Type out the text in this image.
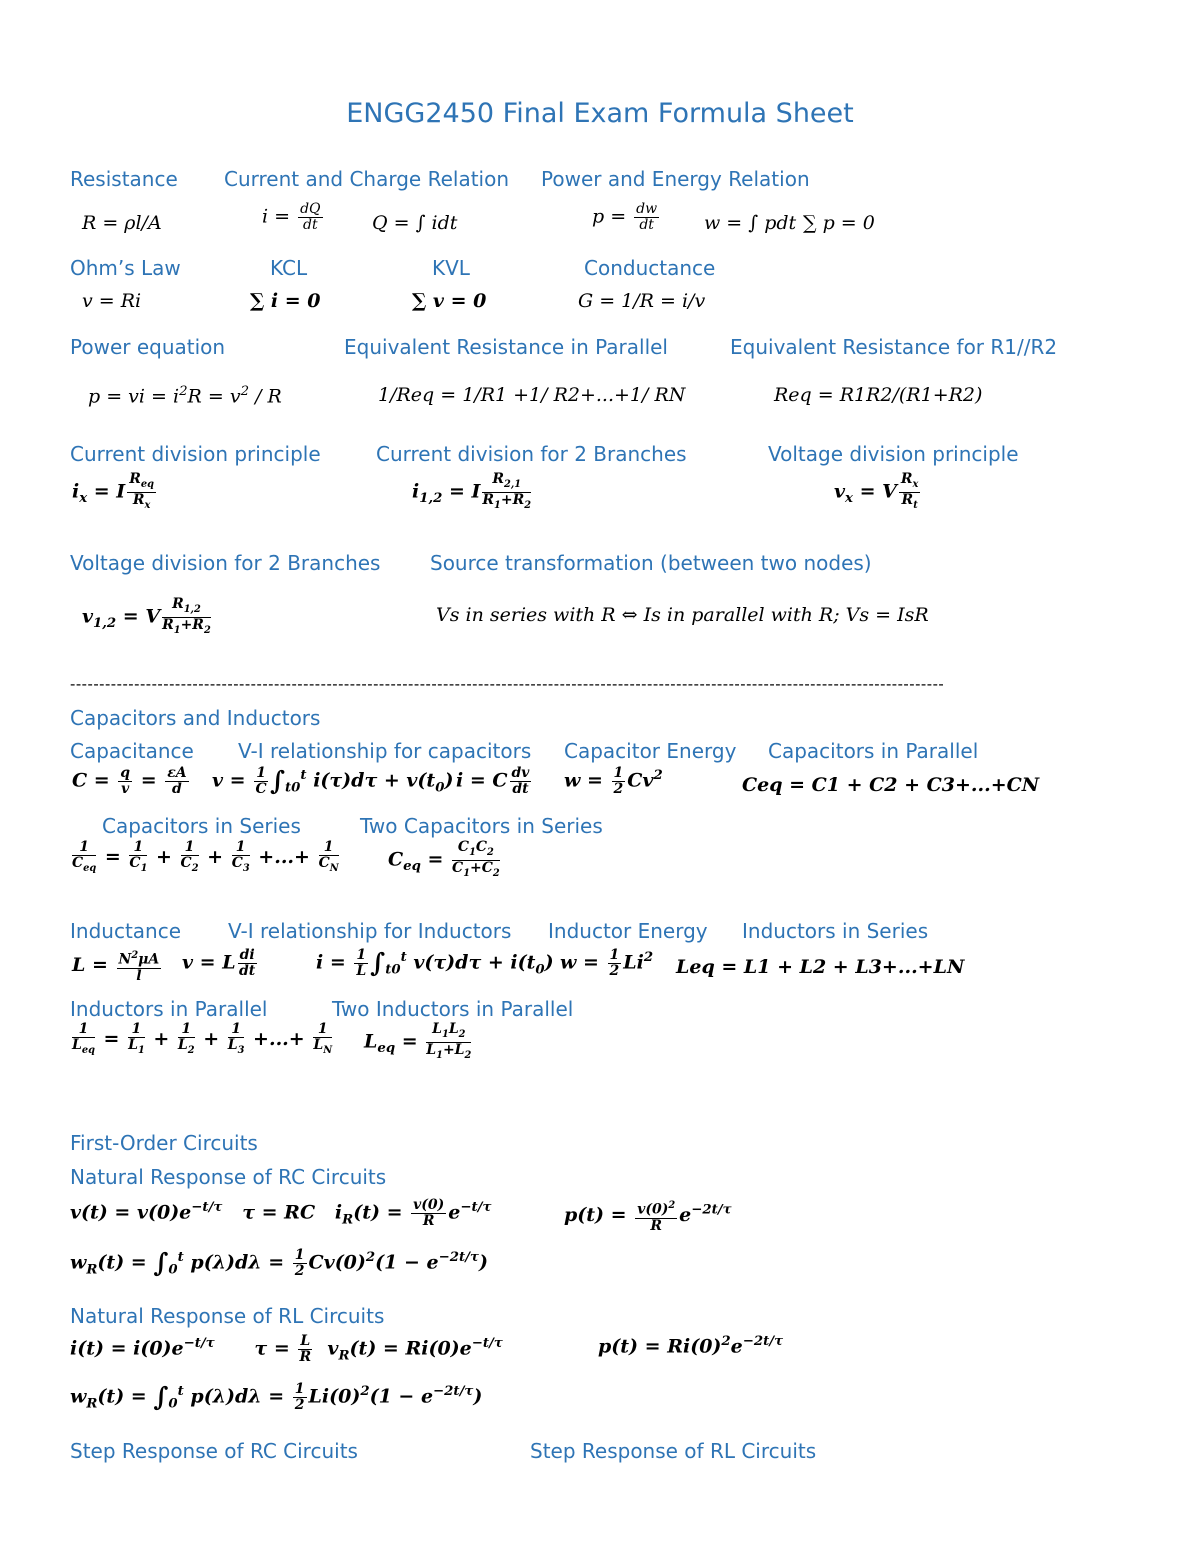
ENGG2450 Final Exam Formula Sheet
Resistance Current and Charge Relation Power and Energy Relation
R = ρl/A	$i = \frac{dQ}{dt}$	Q = ∫ idt	$p = \frac{dw}{dt}$ w = ∫ pdt ∑ p = 0
Ohm’s Law	KCL	KVL	Conductance
v = Ri	∑ i = 0	∑ v = 0	G = 1/R = i/v
Power equation	Equivalent Resistance in Parallel	Equivalent Resistance for R1//R2
p = vi = $i^2R = v^2 / R$	1/Req = 1/R1 +1/ R2+...+1/ RN	Req = R1R2/(R1+R2)
Current division principle	Current division for 2 Branches	Voltage division principle
$i_x = I$
$R_{eq}$
$R_x$
$i_{1,2} = I \frac{R_{2,1}}{R_1+R_2}$	$v_x = V \frac{R_x}{R_t}$
Voltage division for 2 Branches Source transformation (between two nodes)
$v_{1,2} = V \frac{R_{1,2}}{R_1+R_2}$	Vs in series with R ⇔ Is in parallel with R; Vs = IsR
------------------------------------------------------------------------------------------------------------------------------------------------------
Capacitors and Inductors
Capacitance V-I relationship for capacitors Capacitor Energy Capacitors in Parallel
$C = \frac{q}{v} = \frac{\varepsilon A}{d}$ $v = \frac{1}{C} \int_{t0}^t$ $i(\tau)d\tau + v(t_0) i = C \frac{dv}{dt}$ $w = \frac{1}{2} Cv^2$	Ceq = C1 + C2 + C3+...+CN
Capacitors in Series	Two Capacitors in Series
1
$C_{eq}$
= $\frac{1}{C_1} + \frac{1}{C_2} + \frac{1}{C_3}$ +...+ $\frac{1}{C_N}$	$C_{eq} = \frac{C_1C_2}{C_1+C_2}$
Inductance V-I relationship for Inductors Inductor Energy Inductors in Series
$L = \frac{N^2\mu A}{l}$ v = L $\frac{di}{dt}$	$i = \frac{1}{L} \int_{t0}^t$ $v(\tau)d\tau + i(t_0) w = \frac{1}{2} Li^2$ Leq = L1 + L2 + L3+...+LN
Inductors in Parallel	Two Inductors in Parallel
1
$L_{eq}$
= $\frac{1}{L_1} + \frac{1}{L_2} + \frac{1}{L_3}$ +...+ $\frac{1}{L_N} L_{eq} = \frac{L_1L_2}{L_1+L_2}$
First-Order Circuits
Natural Response of RC Circuits
$v(t) = v(0)e^{-t/\tau}$   τ = RC   $i_R(t) = \frac{v(0)}{R} e^{-t/\tau}$	$p(t) = \frac{v(0)^2}{R} e^{-2t/\tau}$
$w_R(t) = \int_0^t$ $p(\lambda)d\lambda = \frac{1}{2} Cv(0)^2(1 - e^{-2t/\tau})$
Natural Response of RL Circuits
$i(t) = i(0)e^{-t/\tau}$      $\tau = \frac{L}{R} v_R(t) = Ri(0)e^{-t/\tau}$	$p(t) = Ri(0)^2e^{-2t/\tau}$
$w_R(t) = \int_0^t$ $p(\lambda)d\lambda = \frac{1}{2} Li(0)^2(1 - e^{-2t/\tau})$
Step Response of RC Circuits	Step Response of RL Circuits
